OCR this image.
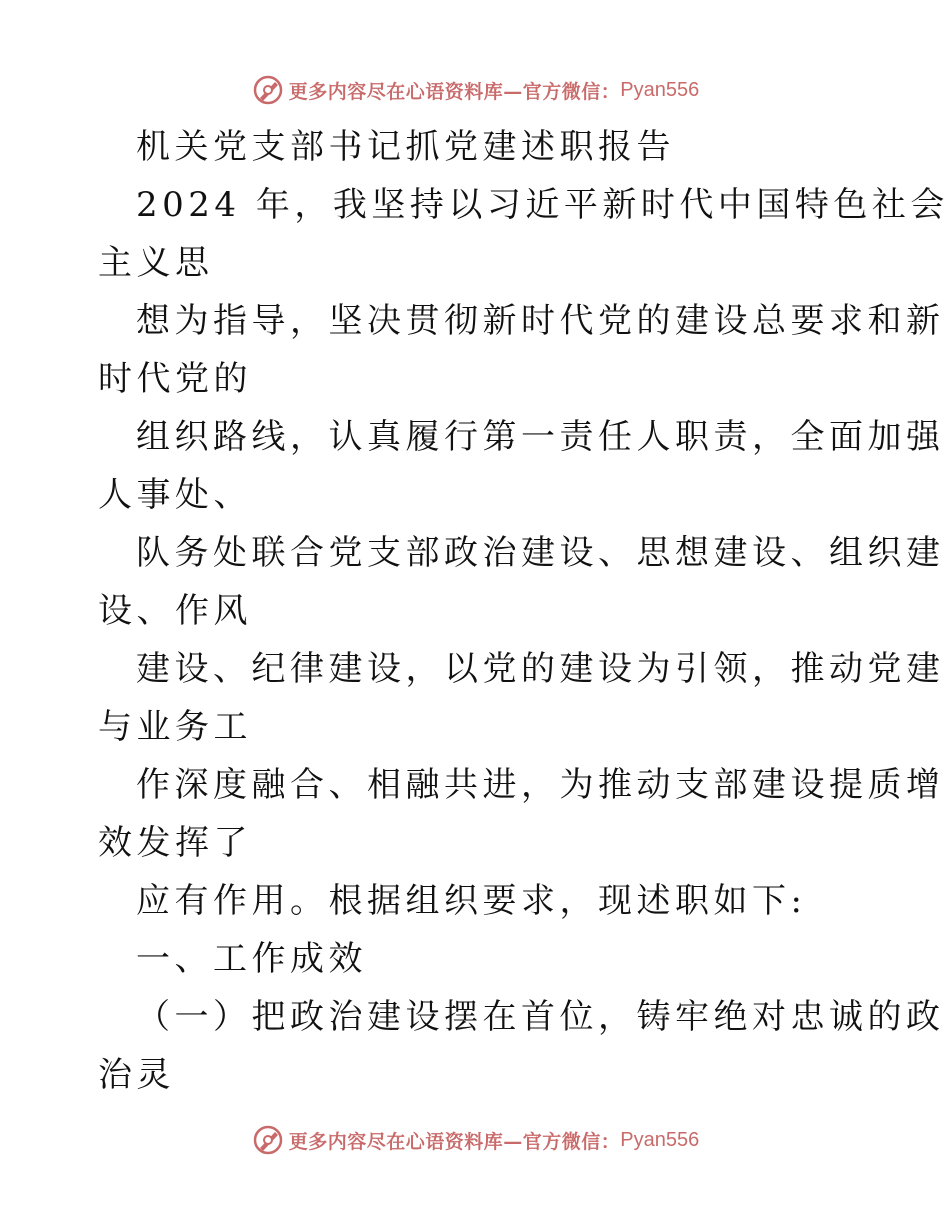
更多内容尽在心语资料库—官方微信： Pyan556
机关党支部书记抓党建述职报告
2024 年，我坚持以习近平新时代中国特色社会
主义思
想为指导，坚决贯彻新时代党的建设总要求和新
时代党的
组织路线，认真履行第一责任人职责，全面加强
人事处、
队务处联合党支部政治建设、思想建设、组织建
设、作风
建设、纪律建设，以党的建设为引领，推动党建
与业务工
作深度融合、相融共进，为推动支部建设提质增
效发挥了
应有作用。根据组织要求，现述职如下:
一、工作成效
（一）把政治建设摆在首位，铸牢绝对忠诚的政
治灵
更多内容尽在心语资料库—官方微信： Pyan556
